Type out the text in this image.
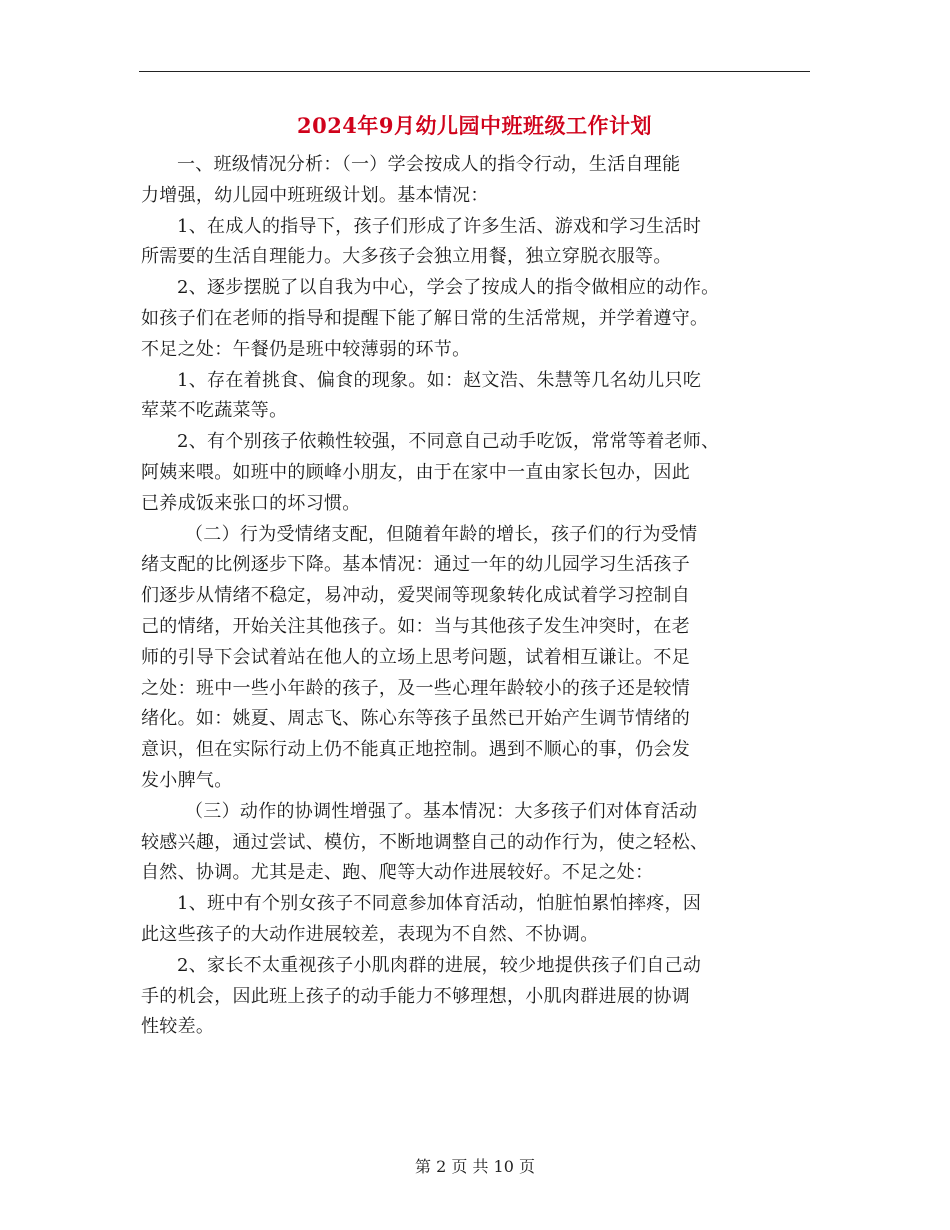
2024年9月幼儿园中班班级工作计划
一、班级情况分析：（一）学会按成人的指令行动，生活自理能
力增强，幼儿园中班班级计划。基本情况：
1、在成人的指导下，孩子们形成了许多生活、游戏和学习生活时
所需要的生活自理能力。大多孩子会独立用餐，独立穿脱衣服等。
2、逐步摆脱了以自我为中心，学会了按成人的指令做相应的动作。
如孩子们在老师的指导和提醒下能了解日常的生活常规，并学着遵守。
不足之处：午餐仍是班中较薄弱的环节。
1、存在着挑食、偏食的现象。如：赵文浩、朱慧等几名幼儿只吃
荤菜不吃蔬菜等。
2、有个别孩子依赖性较强，不同意自己动手吃饭，常常等着老师、
阿姨来喂。如班中的顾峰小朋友，由于在家中一直由家长包办，因此
已养成饭来张口的坏习惯。
（二）行为受情绪支配，但随着年龄的增长，孩子们的行为受情
绪支配的比例逐步下降。基本情况：通过一年的幼儿园学习生活孩子
们逐步从情绪不稳定，易冲动，爱哭闹等现象转化成试着学习控制自
己的情绪，开始关注其他孩子。如：当与其他孩子发生冲突时，在老
师的引导下会试着站在他人的立场上思考问题，试着相互谦让。不足
之处：班中一些小年龄的孩子，及一些心理年龄较小的孩子还是较情
绪化。如：姚夏、周志飞、陈心东等孩子虽然已开始产生调节情绪的
意识，但在实际行动上仍不能真正地控制。遇到不顺心的事，仍会发
发小脾气。
（三）动作的协调性增强了。基本情况：大多孩子们对体育活动
较感兴趣，通过尝试、模仿，不断地调整自己的动作行为，使之轻松、
自然、协调。尤其是走、跑、爬等大动作进展较好。不足之处：
1、班中有个别女孩子不同意参加体育活动，怕脏怕累怕摔疼，因
此这些孩子的大动作进展较差，表现为不自然、不协调。
2、家长不太重视孩子小肌肉群的进展，较少地提供孩子们自己动
手的机会，因此班上孩子的动手能力不够理想，小肌肉群进展的协调
性较差。
第 2 页 共 10 页
